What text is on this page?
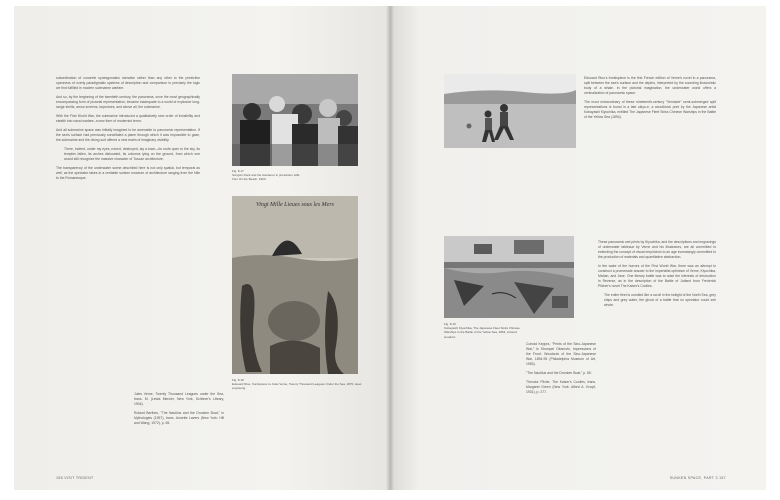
subordination of concrete synesgonatics narrative rather than any other to the predictive openness of overly paradigmatic systems of description and comparison in precisely the logic we find fulfilled in modern submarine warfare.

And so, by the beginning of the twentieth century, the panorama, once the most geographically encompassing form of pictorial representation, became inadequate to a world of explosive long-range shells, arrow screens, torpedoes, and above all, the submarine.

With the First World War, the submarine introduced a qualitatively new order of invisibility and stealth into naval warfare, a new form of modernist terror.

And all submarine space was initially imagined to be amenable to panoramic representation. If the sea's surface had previously constituted a plane through which it was impossible to gaze, the submarine and the diving suit offered a new realm of imaginary visibility.

There, indeed, under my eyes, ruined, destroyed, lay a town—its roofs open to the sky, its temples fallen, its arches dislocated, its columns lying on the ground, from which one would still recognize the massive character of Tuscan architecture.

The transparency of the underwater scene described here is not only spatial, but temporal as well, as the spectator takes in a veritable sunken museum of architecture ranging from the Nile to the Romanesque.

Fig. 8.17
Songsin Rock and the Gardener in production stills from On the Beach, 1960.
Vingt Mille Lieues sous les Mers
Fig. 8.18
Edouard Riou, frontispiece to Jules Verne, Twenty Thousand Leagues Under the Sea, 1870, steel engraving.

Jules Verne, Twenty Thousand Leagues under the Sea, trans. M. (Lewis Mercier, New York, Scribner's Library, 1904).

Roland Barthes, "The Nautilus and the Drunken Boat," in Mythologies (1957), trans. Annette Lavers (New York: Hill and Wang, 1972), p. 65.

156 VISIT TRIDENT

Edouard Riou's frontispiece is the first French edition of Verne's novel in a panorama, split between the sea's surface and the depths, interpreted by the sounding illusionistic body of a whale. In the pictorial imagination, the underwater world offers a verticalization of panoramic space.

The most extraordinary of these nineteenth-century "Verniade" semi-submerged split representations is found in a late ukiyo-e, a woodblock print by the Japanese artist Kobayashi Kiyochika, entitled The Japanese Fleet Sinks Chinese Warships in the Battle of the Yellow Sea (1894).

Fig. 8.19
Kobayashi Kiyochika, The Japanese Fleet Sinks Chinese Warships in the Battle of the Yellow Sea, 1894, colored woodcut.

These panoramic wet prints by Kiyochika, and the descriptions and engravings of underwater tableaux by Verne and his illustrators, are all committed to extending the concept of visual empiricism to an age increasingly committed to the production of materials and quantitative abstraction.

In the wake of the horrors of the First World War, there was an attempt to construct a promenade answer to the imperialist optimism of Verne, Kiyochika, Mahan, and Jane. One literary battle was to raise the interests of destruction in Reverse, as in the description of the Battle of Jutland from Frederick Pilcher's novel The Kaiser's Coolies.

The entire fleet is unrolled like a scroll in the twilight of the North Sea, grey ships and grey water, the ghost of a battle that no spectator could see whole.

Conrad Keppra, "Prints of the Sino-Japanese War," in Shumpei Okamoto, Impressions of the Front: Woodcuts of the Sino-Japanese War, 1894-95 (Philadelphia Museum of Art, 1983).

"The Nautilus and the Drunken Boat," p. 65.

Theodor Plivier, The Kaiser's Coolies, trans. Margaret Green (New York: Alfred A. Knopf, 1931), p. 277.

SUNKEN SPACE, PART 3 157
